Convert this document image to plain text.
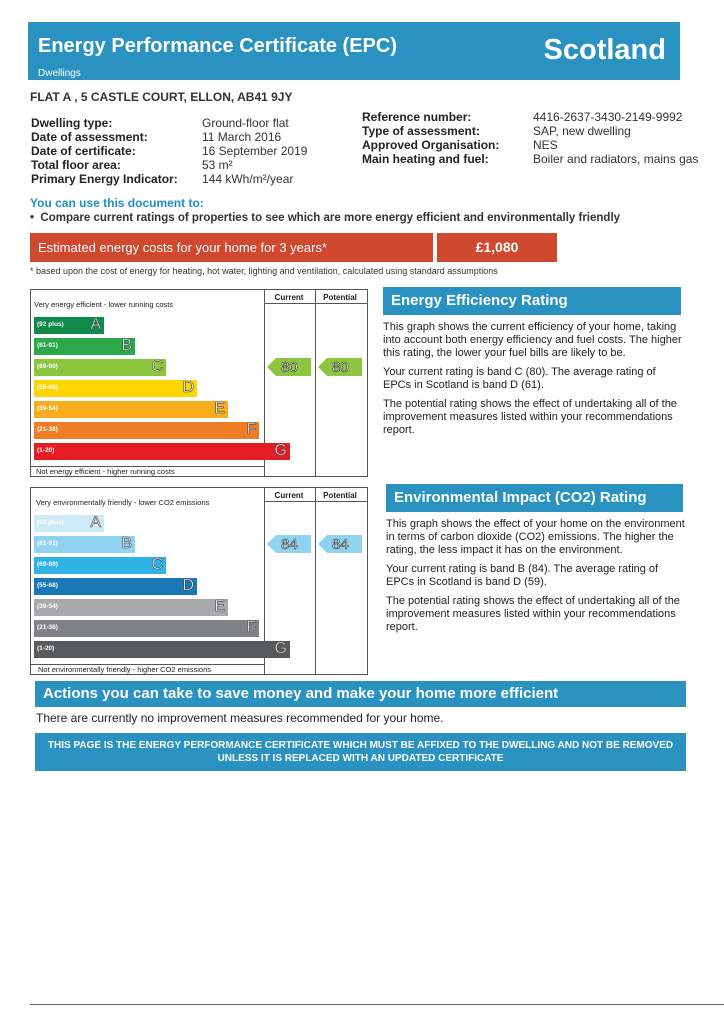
Energy Performance Certificate (EPC)
Dwellings
Scotland
FLAT A , 5 CASTLE COURT, ELLON, AB41 9JY
Dwelling type:	Ground-floor flat
Date of assessment:	11 March 2016
Date of certificate:	16 September 2019
Total floor area:	53 m²
Primary Energy Indicator:	144 kWh/m²/year
Reference number:	4416-2637-3430-2149-9992
Type of assessment:	SAP, new dwelling
Approved Organisation:	NES
Main heating and fuel:	Boiler and radiators, mains gas
You can use this document to:
•  Compare current ratings of properties to see which are more energy efficient and environmentally friendly
Estimated energy costs for your home for 3 years*	£1,080
* based upon the cost of energy for heating, hot water, lighting and ventilation, calculated using standard assumptions
Current	Potential
Very energy efficient - lower running costs
Not energy efficient - higher running costs
(92 plus) A
(81-91)	B
(69-80)	C
(55-68)	D
(39-54)	E
(21-38)	F
(1-20)	G
80 80
Current	Potential
Very environmentally friendly - lower CO2 emissions
Not environmentally friendly - higher CO2 emissions
(92 plus) A
(81-91)	B
(69-80)	C
(55-68)	D
(39-54)	E
(21-38)	F
(1-20)	G
84 84
Energy Efficiency Rating

This graph shows the current efficiency of your home, taking into account both energy efficiency and fuel costs. The higher this rating, the lower your fuel bills are likely to be.

Your current rating is band C (80). The average rating of EPCs in Scotland is band D (61).

The potential rating shows the effect of undertaking all of the improvement measures listed within your recommendations report.

Environmental Impact (CO2) Rating

This graph shows the effect of your home on the environment in terms of carbon dioxide (CO2) emissions. The higher the rating, the less impact it has on the environment.

Your current rating is band B (84). The average rating of EPCs in Scotland is band D (59).

The potential rating shows the effect of undertaking all of the improvement measures listed within your recommendations report.

Actions you can take to save money and make your home more efficient
There are currently no improvement measures recommended for your home.
THIS PAGE IS THE ENERGY PERFORMANCE CERTIFICATE WHICH MUST BE AFFIXED TO THE DWELLING AND NOT BE REMOVED UNLESS IT IS REPLACED WITH AN UPDATED CERTIFICATE
